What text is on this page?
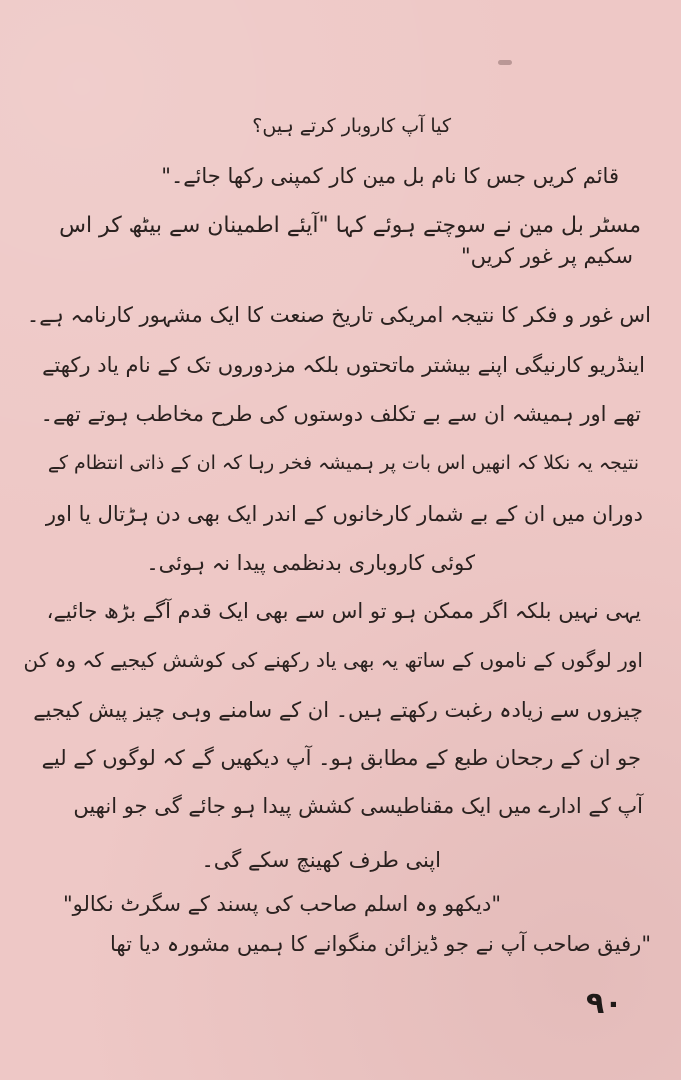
کیا آپ کاروبار کرتے ہیں؟
قائم کریں جس کا نام بل مین کار کمپنی رکھا جائے۔"
مسٹر بل مین نے سوچتے ہوئے کہا "آیئے اطمینان سے بیٹھ کر اس
سکیم پر غور کریں"
اس غور و فکر کا نتیجہ امریکی تاریخ صنعت کا ایک مشہور کارنامہ ہے۔
اینڈریو کارنیگی اپنے بیشتر ماتحتوں بلکہ مزدوروں تک کے نام یاد رکھتے
تھے اور ہمیشہ ان سے بے تکلف دوستوں کی طرح مخاطب ہوتے تھے۔
نتیجہ یہ نکلا کہ انھیں اس بات پر ہمیشہ فخر رہا کہ ان کے ذاتی انتظام کے
دوران میں ان کے بے شمار کارخانوں کے اندر ایک بھی دن ہڑتال یا اور
کوئی کاروباری بدنظمی پیدا نہ ہوئی۔
یہی نہیں بلکہ اگر ممکن ہو تو اس سے بھی ایک قدم آگے بڑھ جائیے،
اور لوگوں کے ناموں کے ساتھ یہ بھی یاد رکھنے کی کوشش کیجیے کہ وہ کن
چیزوں سے زیادہ رغبت رکھتے ہیں۔ ان کے سامنے وہی چیز پیش کیجیے
جو ان کے رجحان طبع کے مطابق ہو۔ آپ دیکھیں گے کہ لوگوں کے لیے
آپ کے ادارے میں ایک مقناطیسی کشش پیدا ہو جائے گی جو انھیں
اپنی طرف کھینچ سکے گی۔
"دیکھو وہ اسلم صاحب کی پسند کے سگرٹ نکالو"
"رفیق صاحب آپ نے جو ڈیزائن منگوانے کا ہمیں مشورہ دیا تھا
۹۰
